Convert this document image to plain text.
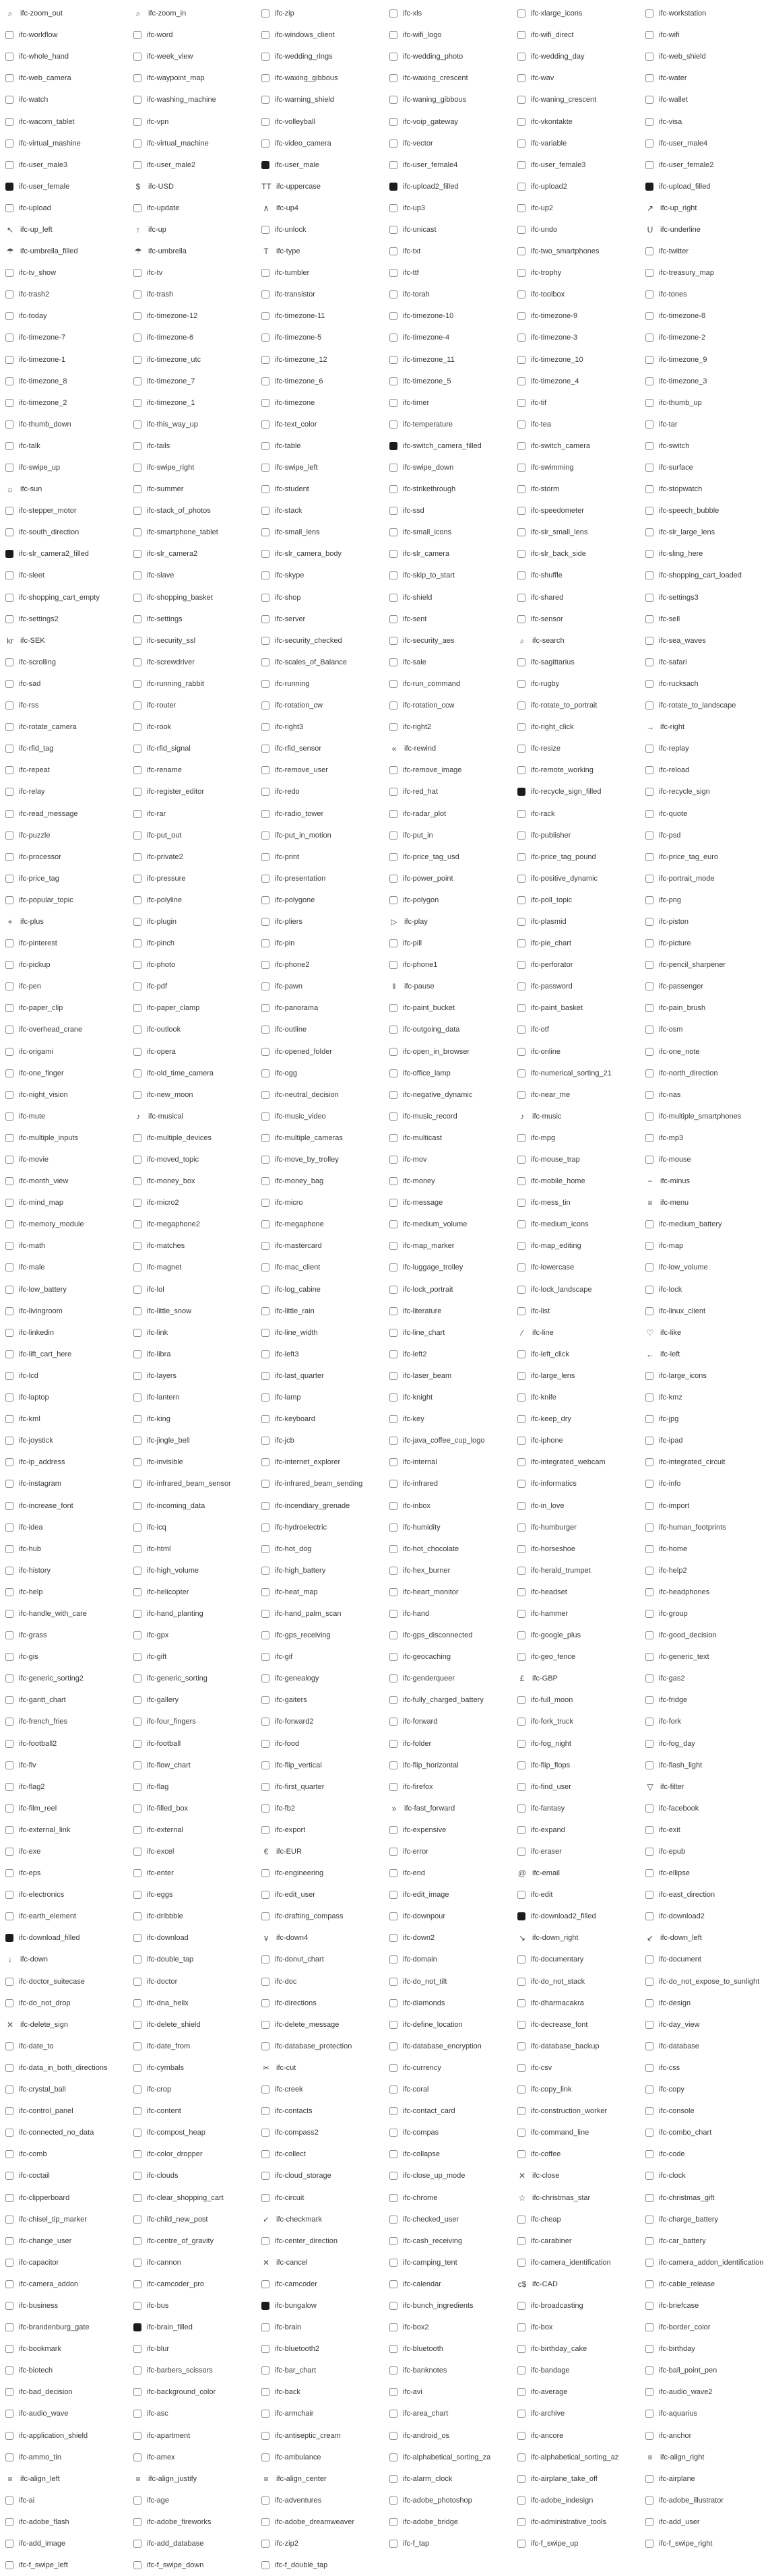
⌕	ifc-zoom_out	⌕	ifc-zoom_in	ifc-zip	ifc-xls	ifc-xlarge_icons	ifc-workstation
ifc-workflow	ifc-word	ifc-windows_client	ifc-wifi_logo	ifc-wifi_direct	ifc-wifi
ifc-whole_hand	ifc-week_view	ifc-wedding_rings	ifc-wedding_photo	ifc-wedding_day	ifc-web_shield
ifc-web_camera	ifc-waypoint_map	ifc-waxing_gibbous	ifc-waxing_crescent	ifc-wav	ifc-water
ifc-watch	ifc-washing_machine	ifc-warning_shield	ifc-waning_gibbous	ifc-waning_crescent	ifc-wallet
ifc-wacom_tablet	ifc-vpn	ifc-volleyball	ifc-voip_gateway	ifc-vkontakte	ifc-visa
ifc-virtual_mashine	ifc-virtual_machine	ifc-video_camera	ifc-vector	ifc-variable	ifc-user_male4
ifc-user_male3	ifc-user_male2	ifc-user_male	ifc-user_female4	ifc-user_female3	ifc-user_female2
ifc-user_female	$	ifc-USD	TT ifc-uppercase	ifc-upload2_filled	ifc-upload2	ifc-upload_filled
ifc-upload	ifc-update	∧ ifc-up4	ifc-up3	ifc-up2	↗ ifc-up_right
↖ ifc-up_left	↑	ifc-up	ifc-unlock	ifc-unicast	ifc-undo	U ifc-underline
☂ ifc-umbrella_filled	☂ ifc-umbrella	T	ifc-type	ifc-txt	ifc-two_smartphones	ifc-twitter
ifc-tv_show	ifc-tv	ifc-tumbler	ifc-ttf	ifc-trophy	ifc-treasury_map
ifc-trash2	ifc-trash	ifc-transistor	ifc-torah	ifc-toolbox	ifc-tones
ifc-today	ifc-timezone-12	ifc-timezone-11	ifc-timezone-10	ifc-timezone-9	ifc-timezone-8
ifc-timezone-7	ifc-timezone-6	ifc-timezone-5	ifc-timezone-4	ifc-timezone-3	ifc-timezone-2
ifc-timezone-1	ifc-timezone_utc	ifc-timezone_12	ifc-timezone_11	ifc-timezone_10	ifc-timezone_9
ifc-timezone_8	ifc-timezone_7	ifc-timezone_6	ifc-timezone_5	ifc-timezone_4	ifc-timezone_3
ifc-timezone_2	ifc-timezone_1	ifc-timezone	ifc-timer	ifc-tif	ifc-thumb_up
ifc-thumb_down	ifc-this_way_up	ifc-text_color	ifc-temperature	ifc-tea	ifc-tar
ifc-talk	ifc-tails	ifc-table	ifc-switch_camera_filled	ifc-switch_camera	ifc-switch
ifc-swipe_up	ifc-swipe_right	ifc-swipe_left	ifc-swipe_down	ifc-swimming	ifc-surface
☼ ifc-sun	ifc-summer	ifc-student	ifc-strikethrough	ifc-storm	ifc-stopwatch
ifc-stepper_motor	ifc-stack_of_photos	ifc-stack	ifc-ssd	ifc-speedometer	ifc-speech_bubble
ifc-south_direction	ifc-smartphone_tablet	ifc-small_lens	ifc-small_icons	ifc-slr_small_lens	ifc-slr_large_lens
ifc-slr_camera2_filled	ifc-slr_camera2	ifc-slr_camera_body	ifc-slr_camera	ifc-slr_back_side	ifc-sling_here
ifc-sleet	ifc-slave	ifc-skype	ifc-skip_to_start	ifc-shuffle	ifc-shopping_cart_loaded
ifc-shopping_cart_empty	ifc-shopping_basket	ifc-shop	ifc-shield	ifc-shared	ifc-settings3
ifc-settings2	ifc-settings	ifc-server	ifc-sent	ifc-sensor	ifc-sell
kr ifc-SEK	ifc-security_ssl	ifc-security_checked	ifc-security_aes	⌕	ifc-search	ifc-sea_waves
ifc-scrolling	ifc-screwdriver	ifc-scales_of_Balance	ifc-sale	ifc-sagittarius	ifc-safari
ifc-sad	ifc-running_rabbit	ifc-running	ifc-run_command	ifc-rugby	ifc-rucksach
ifc-rss	ifc-router	ifc-rotation_cw	ifc-rotation_ccw	ifc-rotate_to_portrait	ifc-rotate_to_landscape
ifc-rotate_camera	ifc-rook	ifc-right3	ifc-right2	ifc-right_click	→ ifc-right
ifc-rfid_tag	ifc-rfid_signal	ifc-rfid_sensor	«	ifc-rewind	ifc-resize	ifc-replay
ifc-repeat	ifc-rename	ifc-remove_user	ifc-remove_image	ifc-remote_working	ifc-reload
ifc-relay	ifc-register_editor	ifc-redo	ifc-red_hat	ifc-recycle_sign_filled	ifc-recycle_sign
ifc-read_message	ifc-rar	ifc-radio_tower	ifc-radar_plot	ifc-rack	ifc-quote
ifc-puzzle	ifc-put_out	ifc-put_in_motion	ifc-put_in	ifc-publisher	ifc-psd
ifc-processor	ifc-private2	ifc-print	ifc-price_tag_usd	ifc-price_tag_pound	ifc-price_tag_euro
ifc-price_tag	ifc-pressure	ifc-presentation	ifc-power_point	ifc-positive_dynamic	ifc-portrait_mode
ifc-popular_topic	ifc-polyline	ifc-polygone	ifc-polygon	ifc-poll_topic	ifc-png
+	ifc-plus	ifc-plugin	ifc-pliers	▷ ifc-play	ifc-plasmid	ifc-piston
ifc-pinterest	ifc-pinch	ifc-pin	ifc-pill	ifc-pie_chart	ifc-picture
ifc-pickup	ifc-photo	ifc-phone2	ifc-phone1	ifc-perforator	ifc-pencil_sharpener
ifc-pen	ifc-pdf	ifc-pawn	‖	ifc-pause	ifc-password	ifc-passenger
ifc-paper_clip	ifc-paper_clamp	ifc-panorama	ifc-paint_bucket	ifc-paint_basket	ifc-pain_brush
ifc-overhead_crane	ifc-outlook	ifc-outline	ifc-outgoing_data	ifc-otf	ifc-osm
ifc-origami	ifc-opera	ifc-opened_folder	ifc-open_in_browser	ifc-online	ifc-one_note
ifc-one_finger	ifc-old_time_camera	ifc-ogg	ifc-office_lamp	ifc-numerical_sorting_21	ifc-north_direction
ifc-night_vision	ifc-new_moon	ifc-neutral_decision	ifc-negative_dynamic	ifc-near_me	ifc-nas
ifc-mute	♪	ifc-musical	ifc-music_video	ifc-music_record	♪	ifc-music	ifc-multiple_smartphones
ifc-multiple_inputs	ifc-multiple_devices	ifc-multiple_cameras	ifc-multicast	ifc-mpg	ifc-mp3
ifc-movie	ifc-moved_topic	ifc-move_by_trolley	ifc-mov	ifc-mouse_trap	ifc-mouse
ifc-month_view	ifc-money_box	ifc-money_bag	ifc-money	ifc-mobile_home	−	ifc-minus
ifc-mind_map	ifc-micro2	ifc-micro	ifc-message	ifc-mess_tin	≡	ifc-menu
ifc-memory_module	ifc-megaphone2	ifc-megaphone	ifc-medium_volume	ifc-medium_icons	ifc-medium_battery
ifc-math	ifc-matches	ifc-mastercard	ifc-map_marker	ifc-map_editing	ifc-map
ifc-male	ifc-magnet	ifc-mac_client	ifc-luggage_trolley	ifc-lowercase	ifc-low_volume
ifc-low_battery	ifc-lol	ifc-log_cabine	ifc-lock_portrait	ifc-lock_landscape	ifc-lock
ifc-livingroom	ifc-little_snow	ifc-little_rain	ifc-literature	ifc-list	ifc-linux_client
ifc-linkedin	ifc-link	ifc-line_width	ifc-line_chart	∕	ifc-line	♡ ifc-like
ifc-lift_cart_here	ifc-libra	ifc-left3	ifc-left2	ifc-left_click	← ifc-left
ifc-lcd	ifc-layers	ifc-last_quarter	ifc-laser_beam	ifc-large_lens	ifc-large_icons
ifc-laptop	ifc-lantern	ifc-lamp	ifc-knight	ifc-knife	ifc-kmz
ifc-kml	ifc-king	ifc-keyboard	ifc-key	ifc-keep_dry	ifc-jpg
ifc-joystick	ifc-jingle_bell	ifc-jcb	ifc-java_coffee_cup_logo	ifc-iphone	ifc-ipad
ifc-ip_address	ifc-invisible	ifc-internet_explorer	ifc-internal	ifc-integrated_webcam	ifc-integrated_circuit
ifc-instagram	ifc-infrared_beam_sensor	ifc-infrared_beam_sending	ifc-infrared	ifc-informatics	ifc-info
ifc-increase_font	ifc-incoming_data	ifc-incendiary_grenade	ifc-inbox	ifc-in_love	ifc-import
ifc-idea	ifc-icq	ifc-hydroelectric	ifc-humidity	ifc-humburger	ifc-human_footprints
ifc-hub	ifc-html	ifc-hot_dog	ifc-hot_chocolate	ifc-horseshoe	ifc-home
ifc-history	ifc-high_volume	ifc-high_battery	ifc-hex_burner	ifc-herald_trumpet	ifc-help2
ifc-help	ifc-helicopter	ifc-heat_map	ifc-heart_monitor	ifc-headset	ifc-headphones
ifc-handle_with_care	ifc-hand_planting	ifc-hand_palm_scan	ifc-hand	ifc-hammer	ifc-group
ifc-grass	ifc-gpx	ifc-gps_receiving	ifc-gps_disconnected	ifc-google_plus	ifc-good_decision
ifc-gis	ifc-gift	ifc-gif	ifc-geocaching	ifc-geo_fence	ifc-generic_text
ifc-generic_sorting2	ifc-generic_sorting	ifc-genealogy	ifc-genderqueer	£	ifc-GBP	ifc-gas2
ifc-gantt_chart	ifc-gallery	ifc-gaiters	ifc-fully_charged_battery	ifc-full_moon	ifc-fridge
ifc-french_fries	ifc-four_fingers	ifc-forward2	ifc-forward	ifc-fork_truck	ifc-fork
ifc-football2	ifc-football	ifc-food	ifc-folder	ifc-fog_night	ifc-fog_day
ifc-flv	ifc-flow_chart	ifc-flip_vertical	ifc-flip_horizontal	ifc-flip_flops	ifc-flash_light
ifc-flag2	ifc-flag	ifc-first_quarter	ifc-firefox	ifc-find_user	▽ ifc-filter
ifc-film_reel	ifc-filled_box	ifc-fb2	»	ifc-fast_forward	ifc-fantasy	ifc-facebook
ifc-external_link	ifc-external	ifc-export	ifc-expensive	ifc-expand	ifc-exit
ifc-exe	ifc-excel	€	ifc-EUR	ifc-error	ifc-eraser	ifc-epub
ifc-eps	ifc-enter	ifc-engineering	ifc-end	@ ifc-email	ifc-ellipse
ifc-electronics	ifc-eggs	ifc-edit_user	ifc-edit_image	ifc-edit	ifc-east_direction
ifc-earth_element	ifc-dribbble	ifc-drafting_compass	ifc-downpour	ifc-download2_filled	ifc-download2
ifc-download_filled	ifc-download	∨ ifc-down4	ifc-down2	↘ ifc-down_right	↙ ifc-down_left
↓	ifc-down	ifc-double_tap	ifc-donut_chart	ifc-domain	ifc-documentary	ifc-document
ifc-doctor_suitecase	ifc-doctor	ifc-doc	ifc-do_not_tilt	ifc-do_not_stack	ifc-do_not_expose_to_sunlight
ifc-do_not_drop	ifc-dna_helix	ifc-directions	ifc-diamonds	ifc-dharmacakra	ifc-design
✕ ifc-delete_sign	ifc-delete_shield	ifc-delete_message	ifc-define_location	ifc-decrease_font	ifc-day_view
ifc-date_to	ifc-date_from	ifc-database_protection	ifc-database_encryption	ifc-database_backup	ifc-database
ifc-data_in_both_directions	ifc-cymbals	✂ ifc-cut	ifc-currency	ifc-csv	ifc-css
ifc-crystal_ball	ifc-crop	ifc-creek	ifc-coral	ifc-copy_link	ifc-copy
ifc-control_panel	ifc-content	ifc-contacts	ifc-contact_card	ifc-construction_worker	ifc-console
ifc-connected_no_data	ifc-compost_heap	ifc-compass2	ifc-compas	ifc-command_line	ifc-combo_chart
ifc-comb	ifc-color_dropper	ifc-collect	ifc-collapse	ifc-coffee	ifc-code
ifc-coctail	ifc-clouds	ifc-cloud_storage	ifc-close_up_mode	✕ ifc-close	ifc-clock
ifc-clipperboard	ifc-clear_shopping_cart	ifc-circuit	ifc-chrome	☆ ifc-christmas_star	ifc-christmas_gift
ifc-chisel_tip_marker	ifc-child_new_post	✓ ifc-checkmark	ifc-checked_user	ifc-cheap	ifc-charge_battery
ifc-change_user	ifc-centre_of_gravity	ifc-center_direction	ifc-cash_receiving	ifc-carabiner	ifc-car_battery
ifc-capacitor	ifc-cannon	✕ ifc-cancel	ifc-camping_tent	ifc-camera_identification	ifc-camera_addon_identification
ifc-camera_addon	ifc-camcoder_pro	ifc-camcoder	ifc-calendar	c$ ifc-CAD	ifc-cable_release
ifc-business	ifc-bus	ifc-bungalow	ifc-bunch_ingredients	ifc-broadcasting	ifc-briefcase
ifc-brandenburg_gate	ifc-brain_filled	ifc-brain	ifc-box2	ifc-box	ifc-border_color
ifc-bookmark	ifc-blur	ifc-bluetooth2	ifc-bluetooth	ifc-birthday_cake	ifc-birthday
ifc-biotech	ifc-barbers_scissors	ifc-bar_chart	ifc-banknotes	ifc-bandage	ifc-ball_point_pen
ifc-bad_decision	ifc-background_color	ifc-back	ifc-avi	ifc-average	ifc-audio_wave2
ifc-audio_wave	ifc-asc	ifc-armchair	ifc-area_chart	ifc-archive	ifc-aquarius
ifc-application_shield	ifc-apartment	ifc-antiseptic_cream	ifc-android_os	ifc-ancore	ifc-anchor
ifc-ammo_tin	ifc-amex	ifc-ambulance	ifc-alphabetical_sorting_za	ifc-alphabetical_sorting_az	≡	ifc-align_right
≡	ifc-align_left	≡	ifc-align_justify	≡	ifc-align_center	ifc-alarm_clock	ifc-airplane_take_off	ifc-airplane
ifc-ai	ifc-age	ifc-adventures	ifc-adobe_photoshop	ifc-adobe_indesign	ifc-adobe_illustrator
ifc-adobe_flash	ifc-adobe_fireworks	ifc-adobe_dreamweaver	ifc-adobe_bridge	ifc-administrative_tools	ifc-add_user
ifc-add_image	ifc-add_database	ifc-zip2	ifc-f_tap	ifc-f_swipe_up	ifc-f_swipe_right
ifc-f_swipe_left	ifc-f_swipe_down	ifc-f_double_tap
